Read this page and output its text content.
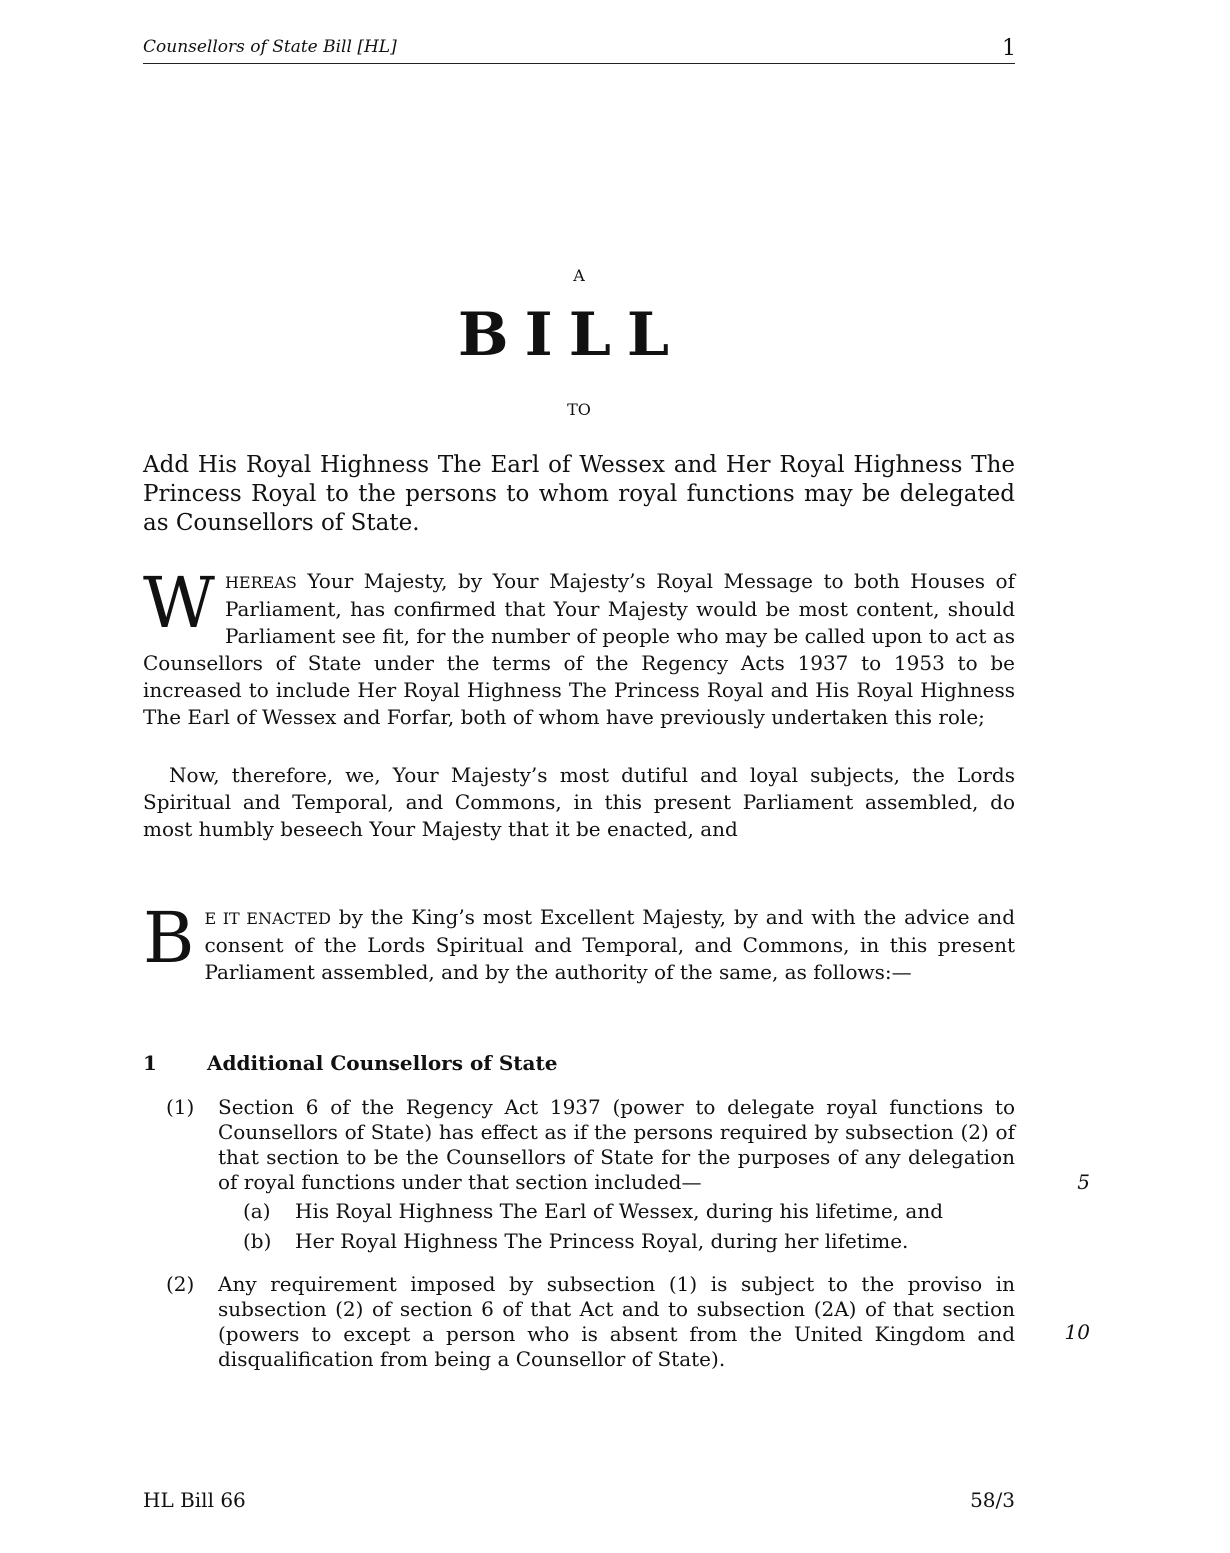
Counsellors of State Bill [HL]	1
A
BILL
TO
Add His Royal Highness The Earl of Wessex and Her Royal Highness The Princess Royal to the persons to whom royal functions may be delegated as Counsellors of State.
WHEREAS Your Majesty, by Your Majesty’s Royal Message to both Houses of Parliament, has confirmed that Your Majesty would be most content, should Parliament see fit, for the number of people who may be called upon to act as Counsellors of State under the terms of the Regency Acts 1937 to 1953 to be increased to include Her Royal Highness The Princess Royal and His Royal Highness The Earl of Wessex and Forfar, both of whom have previously undertaken this role;
Now, therefore, we, Your Majesty’s most dutiful and loyal subjects, the Lords Spiritual and Temporal, and Commons, in this present Parliament assembled, do most humbly beseech Your Majesty that it be enacted, and
B E IT ENACTED by the King’s most Excellent Majesty, by and with the advice and consent of the Lords Spiritual and Temporal, and Commons, in this present Parliament assembled, and by the authority of the same, as follows:—
1	Additional Counsellors of State
(1) Section 6 of the Regency Act 1937 (power to delegate royal functions to Counsellors of State) has effect as if the persons required by subsection (2) of that section to be the Counsellors of State for the purposes of any delegation of royal functions under that section included—
(a) His Royal Highness The Earl of Wessex, during his lifetime, and
(b) Her Royal Highness The Princess Royal, during her lifetime.
(2) Any requirement imposed by subsection (1) is subject to the proviso in subsection (2) of section 6 of that Act and to subsection (2A) of that section (powers to except a person who is absent from the United Kingdom and disqualification from being a Counsellor of State).
5
10
HL Bill 66	58/3
